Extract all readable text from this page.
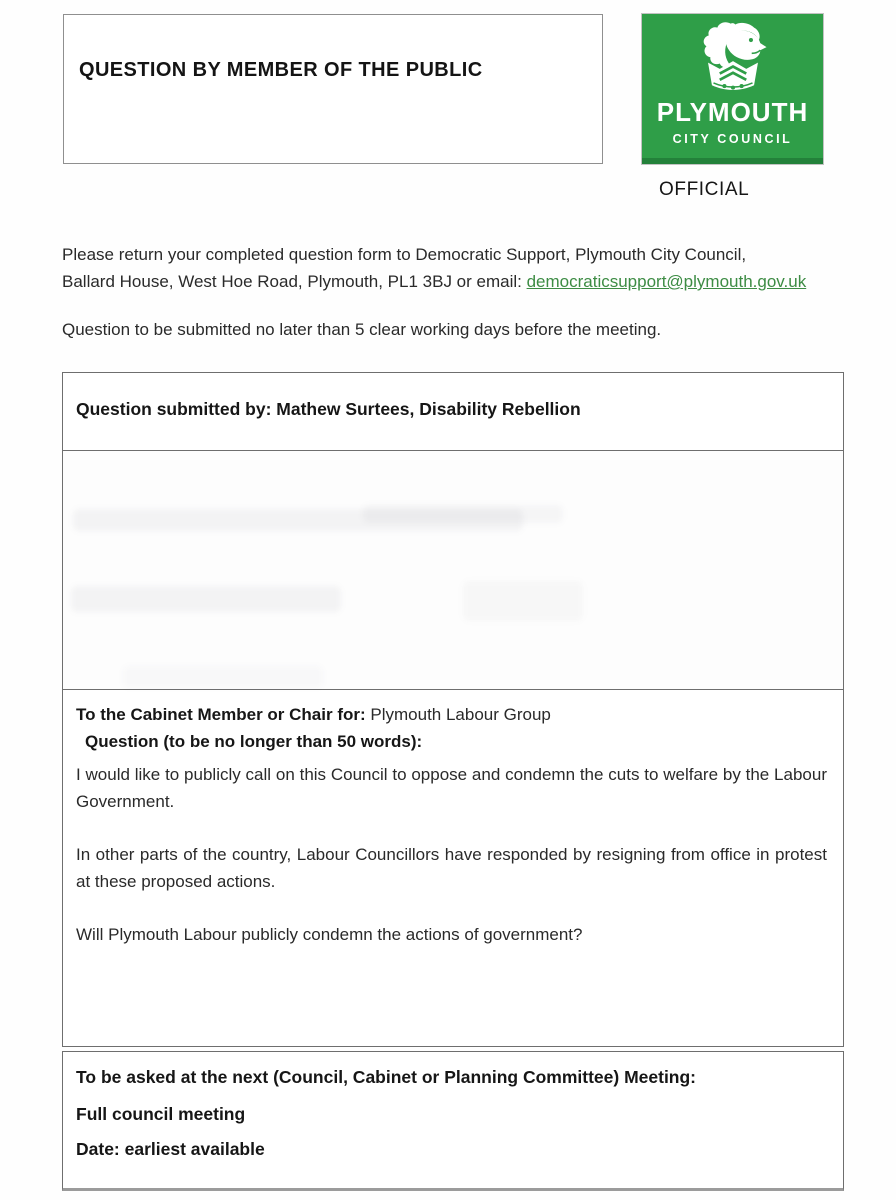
QUESTION BY MEMBER OF THE PUBLIC
PLYMOUTH
CITY COUNCIL
OFFICIAL

Please return your completed question form to Democratic Support, Plymouth City Council,
Ballard House, West Hoe Road, Plymouth, PL1 3BJ or email: democraticsupport@plymouth.gov.uk

Question to be submitted no later than 5 clear working days before the meeting.

Question submitted by: Mathew Surtees, Disability Rebellion
To the Cabinet Member or Chair for: Plymouth Labour Group
Question (to be no longer than 50 words):

I would like to publicly call on this Council to oppose and condemn the cuts to welfare by the Labour Government.

In other parts of the country, Labour Councillors have responded by resigning from office in protest at these proposed actions.

Will Plymouth Labour publicly condemn the actions of government?

To be asked at the next (Council, Cabinet or Planning Committee) Meeting:
Full council meeting
Date: earliest available
